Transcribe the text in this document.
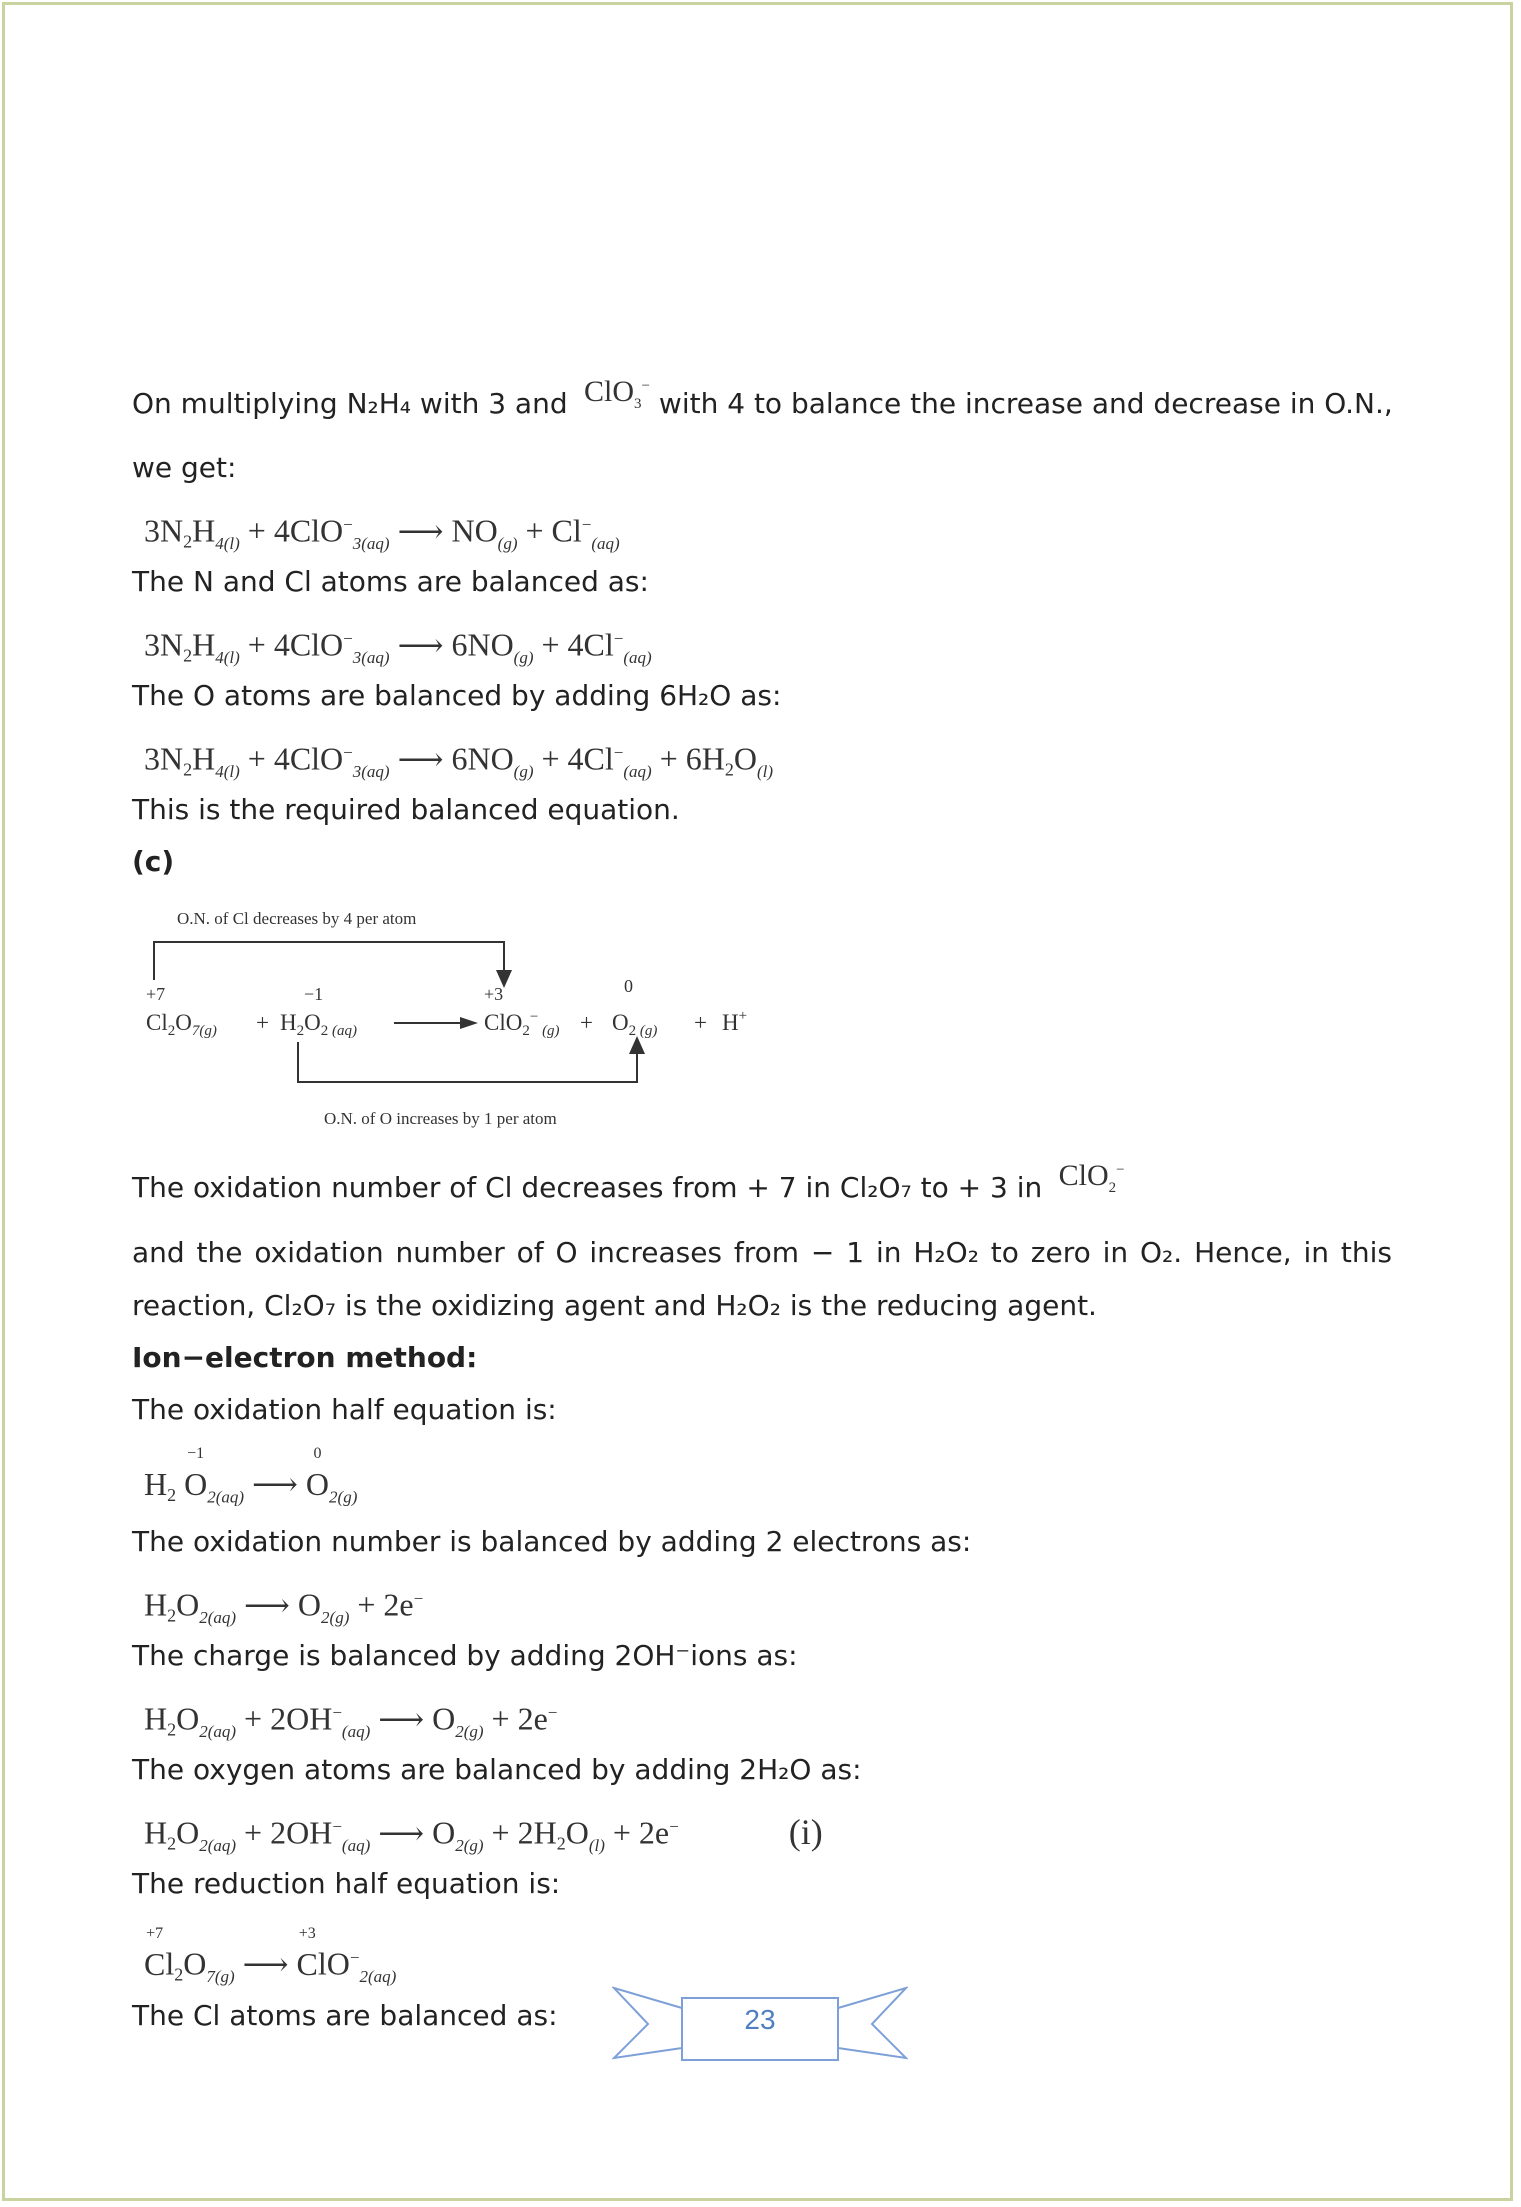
On multiplying N₂H₄ with 3 and  ClO$_3$− with 4 to balance the increase and decrease in O.N.,

we get:

$3N_2H_{4(l)} + 4ClO^-_{3(aq)}$ ⟶ $NO_{(g)} + Cl^-_{(aq)}$

The N and Cl atoms are balanced as:

$3N_2H_{4(l)} + 4ClO^-_{3(aq)}$ ⟶ $6NO_{(g)} + 4Cl^-_{(aq)}$

The O atoms are balanced by adding 6H₂O as:

$3N_2H_{4(l)} + 4ClO^-_{3(aq)}$ ⟶ $6NO_{(g)} + 4Cl^-_{(aq)} + 6H_2O_{(l)}$

This is the required balanced equation.

(c)

O.N. of Cl decreases by 4 per atom
+7	−1	+3	0
$Cl_2O_{7(g)} + H_2O_2$ (aq)	ClO$_2$− $_{(g)} + O_2$ (g) + H+
O.N. of O increases by 1 per atom

The oxidation number of Cl decreases from + 7 in Cl₂O₇ to + 3 in  ClO$_2$−

and the oxidation number of O increases from − 1 in H₂O₂ to zero in O₂. Hence, in this reaction, Cl₂O₇ is the oxidizing agent and H₂O₂ is the reducing agent.

Ion−electron method:

The oxidation half equation is:

$H_2$ O
−1
$_{2(aq)}$ ⟶ O
0
$_{2(g)}$

The oxidation number is balanced by adding 2 electrons as:

$H_2O_{2(aq)}$ ⟶ $O_{2(g)} + 2e^-$

The charge is balanced by adding 2OH⁻ions as:

$H_2O_{2(aq)} + 2OH^-_{(aq)}$ ⟶ $O_{2(g)} + 2e^-$

The oxygen atoms are balanced by adding 2H₂O as:

$H_2O_{2(aq)} + 2OH^-_{(aq)}$ ⟶ $O_{2(g)} + 2H_2O_{(l)} + 2e^-$	(i)

The reduction half equation is:

C
+7
$l_2O_{7(g)}$ ⟶ C
+3
$lO^-_{2(aq)}$

The Cl atoms are balanced as:	23
